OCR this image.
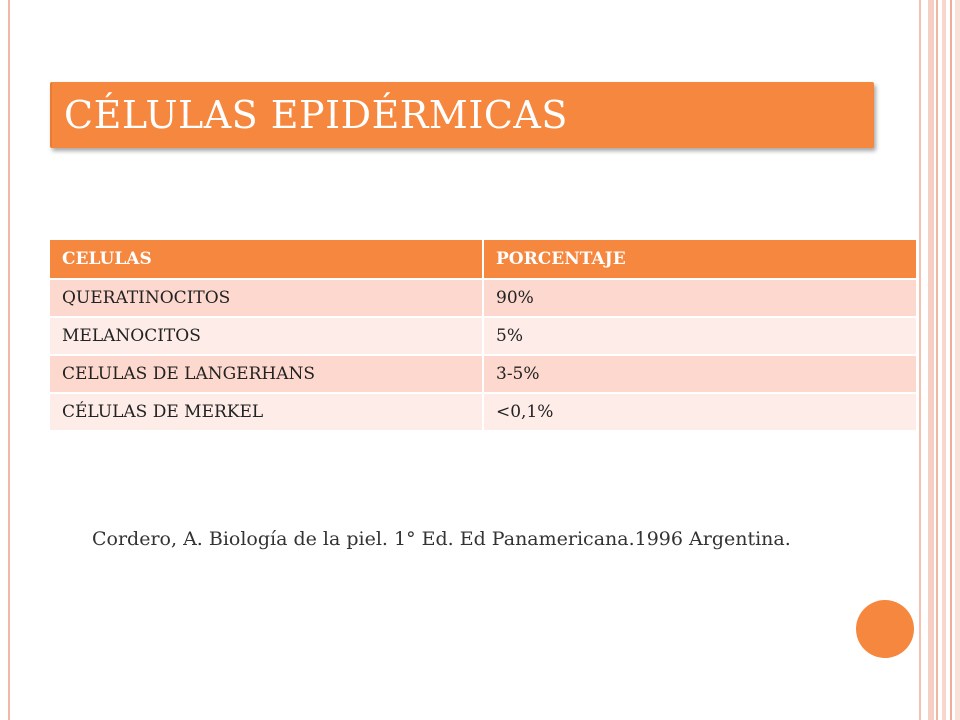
CÉLULAS EPIDÉRMICAS
CELULAS	PORCENTAJE
QUERATINOCITOS	90%
MELANOCITOS	5%
CELULAS DE LANGERHANS	3-5%
CÉLULAS DE MERKEL	<0,1%
Cordero, A. Biología de la piel. 1° Ed. Ed Panamericana.1996 Argentina.
